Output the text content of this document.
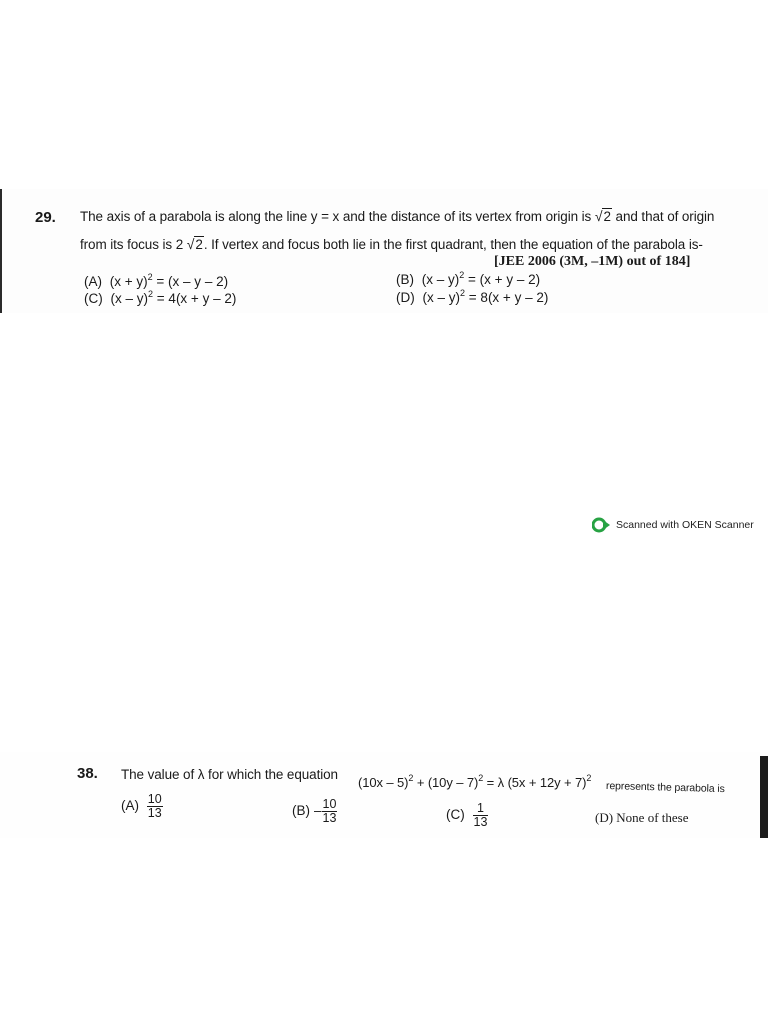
29. The axis of a parabola is along the line y = x and the distance of its vertex from origin is √2 and that of origin
from its focus is 2 √2. If vertex and focus both lie in the first quadrant, then the equation of the parabola is-
[JEE 2006 (3M, –1M) out of 184]
(A) $(x + y)^2 = (x - y - 2)$	(B) (x – y)$^2$ = (x + y – 2)
(C) (x – y)$^2$ = 4(x + y – 2)	(D) (x – y)$^2$ = 8(x + y – 2)
Scanned with OKEN Scanner
38. The value of λ for which the equation
(10x – 5)$^2$ + (10y – 7)$^2$ = λ $(5x + 12y + 7)^2$
represents the parabola is
$(A) \frac{10}{13}$	$(B) - \frac{10}{13}$	$(C) \frac{1}{13}$	(D) None of these
